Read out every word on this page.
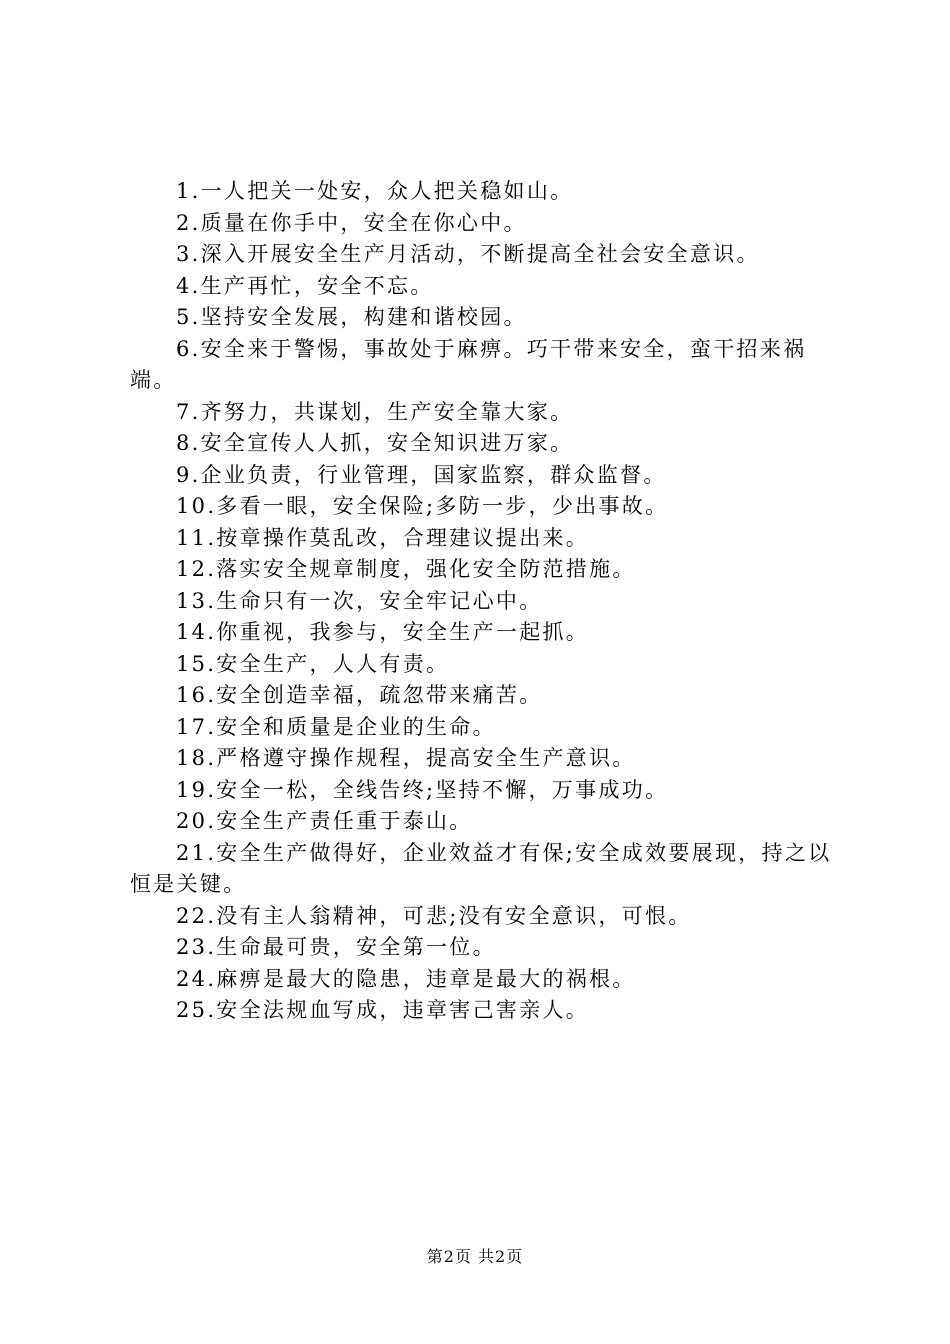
1.一人把关一处安，众人把关稳如山。
2.质量在你手中，安全在你心中。
3.深入开展安全生产月活动，不断提高全社会安全意识。
4.生产再忙，安全不忘。
5.坚持安全发展，构建和谐校园。
6.安全来于警惕，事故处于麻痹。巧干带来安全，蛮干招来祸端。
7.齐努力，共谋划，生产安全靠大家。
8.安全宣传人人抓，安全知识进万家。
9.企业负责，行业管理，国家监察，群众监督。
10.多看一眼，安全保险;多防一步，少出事故。
11.按章操作莫乱改，合理建议提出来。
12.落实安全规章制度，强化安全防范措施。
13.生命只有一次，安全牢记心中。
14.你重视，我参与，安全生产一起抓。
15.安全生产，人人有责。
16.安全创造幸福，疏忽带来痛苦。
17.安全和质量是企业的生命。
18.严格遵守操作规程，提高安全生产意识。
19.安全一松，全线告终;坚持不懈，万事成功。
20.安全生产责任重于泰山。
21.安全生产做得好，企业效益才有保;安全成效要展现，持之以恒是关键。
22.没有主人翁精神，可悲;没有安全意识，可恨。
23.生命最可贵，安全第一位。
24.麻痹是最大的隐患，违章是最大的祸根。
25.安全法规血写成，违章害己害亲人。
第2页 共2页
